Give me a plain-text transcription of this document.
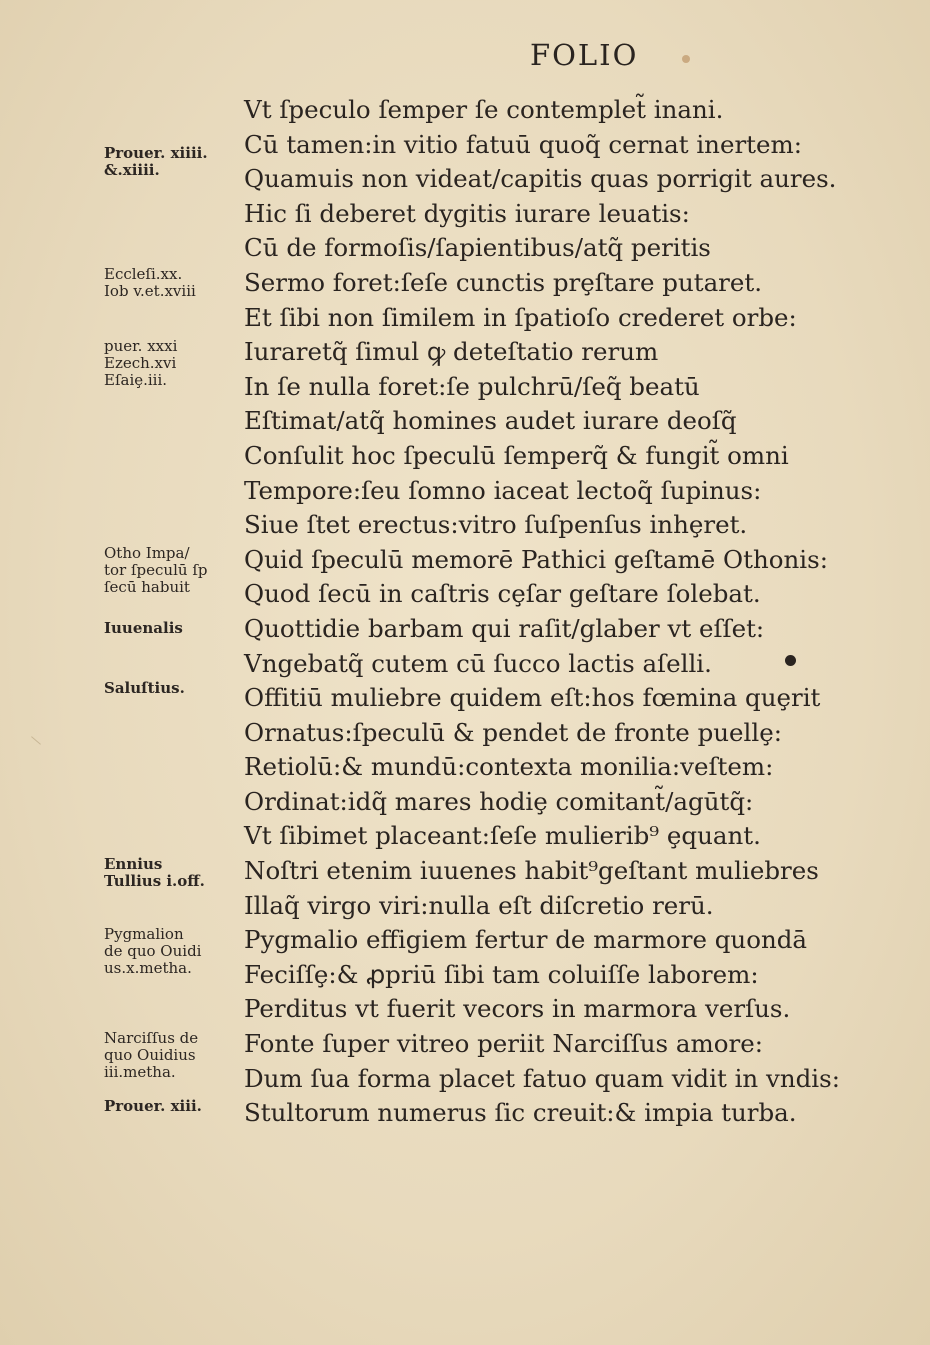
FOLIO
Vt ſpeculo ſemper ſe contemplet̃ inani.
Cū tamen:in vitio fatuū quoq̃ cernat inertem:
Quamuis non videat/capitis quas porrigit aures.
Hic ſi deberet dygitis iurare leuatis:
Cū de formoſis/ſapientibus/atq̃ peritis
Sermo foret:ſeſe cunctis prȩſtare putaret.
Et ſibi non ſimilem in ſpatioſo crederet orbe:
Iuraretq̃ ſimul ꝙ deteſtatio rerum
In ſe nulla foret:ſe pulchrū/ſeq̃ beatū
Eſtimat/atq̃ homines audet iurare deoſq̃
Conſulit hoc ſpeculū ſemperq̃ & fungit̃ omni
Tempore:ſeu ſomno iaceat lectoq̃ ſupinus:
Siue ſtet erectus:vitro ſuſpenſus inhȩret.
Quid ſpeculū memorē Pathici geſtamē Othonis:
Quod ſecū in caſtris cȩſar geſtare ſolebat.
Quottidie barbam qui raſit/glaber vt eſſet:
Vngebatq̃ cutem cū ſucco lactis aſelli.
Offitiū muliebre quidem eſt:hos fœmina quȩrit
Ornatus:ſpeculū & pendet de fronte puellȩ:
Retiolū:& mundū:contexta monilia:veſtem:
Ordinat:idq̃ mares hodiȩ comitant̃/agūtq̃:
Vt ſibimet placeant:ſeſe mulierib⁹ ȩquant.
Noſtri etenim iuuenes habit⁹geſtant muliebres
Illaq̃ virgo viri:nulla eſt diſcretio rerū.
Pygmalio effigiem fertur de marmore quondā
Feciſſȩ:& ꝓpriū ſibi tam coluiſſe laborem:
Perditus vt fuerit vecors in marmora verſus.
Fonte ſuper vitreo periit Narciſſus amore:
Dum ſua forma placet fatuo quam vidit in vndis:
Stultorum numerus ſic creuit:& impia turba.
Prouer. xiiii.
&.xiiii.
Eccleſi.xx.
Iob v.et.xviii
puer. xxxi
Ezech.xvi
Eſaiȩ.iii.
Otho Impa/
tor ſpeculū ſp
ſecū habuit
Iuuenalis
Saluſtius.
Ennius
Tullius i.off.
Pygmalion
de quo Ouidi
us.x.metha.
Narciſſus de
quo Ouidius
iii.metha.
Prouer. xiii.
